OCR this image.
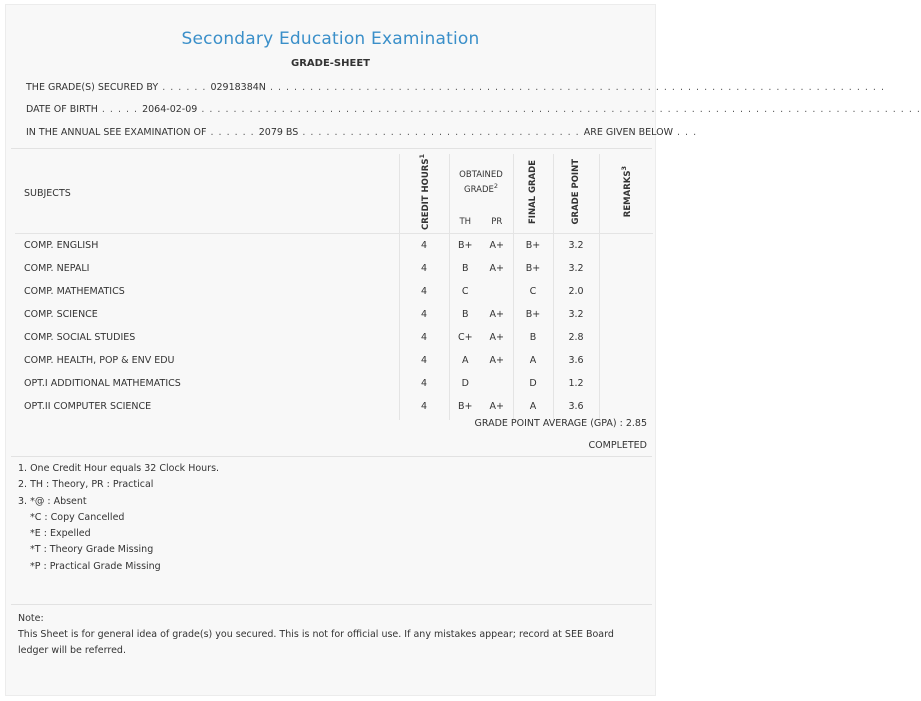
Secondary Education Examination
GRADE-SHEET
THE GRADE(S) SECURED BY . . . . . . 02918384N . . . . . . . . . . . . . . . . . . . . . . . . . . . . . . . . . . . . . . . . . . . . . . . . . . . . . . . . . . . . . . . . . . . . . . . . . . . . .
DATE OF BIRTH . . . . . 2064-02-09 . . . . . . . . . . . . . . . . . . . . . . . . . . . . . . . . . . . . . . . . . . . . . . . . . . . . . . . . . . . . . . . . . . . . . . . . . . . . . . . . . . . . . . . . . .
IN THE ANNUAL SEE EXAMINATION OF . . . . . . 2079 BS . . . . . . . . . . . . . . . . . . . . . . . . . . . . . . . . . . . ARE GIVEN BELOW . . .
SUBJECTS	CREDIT HOURS$^1$	OBTAINED GRADE$^2$		FINAL GRADE	GRADE POINT	REMARKS$^3$
		TH	PR			
COMP. ENGLISH	4	B+	A+	B+	3.2	
COMP. NEPALI	4	B	A+	B+	3.2	
COMP. MATHEMATICS	4	C		C	2.0	
COMP. SCIENCE	4	B	A+	B+	3.2	
COMP. SOCIAL STUDIES	4	C+	A+	B	2.8	
COMP. HEALTH, POP & ENV EDU	4	A	A+	A	3.6	
OPT.I ADDITIONAL MATHEMATICS	4	D		D	1.2	
OPT.II COMPUTER SCIENCE	4	B+	A+	A	3.6	
GRADE POINT AVERAGE (GPA) : 2.85
COMPLETED
1. One Credit Hour equals 32 Clock Hours.
2. TH : Theory, PR : Practical
3. *@ : Absent
*C : Copy Cancelled
*E : Expelled
*T : Theory Grade Missing
*P : Practical Grade Missing
Note:
This Sheet is for general idea of grade(s) you secured. This is not for official use. If any mistakes appear; record at SEE Board ledger will be referred.
